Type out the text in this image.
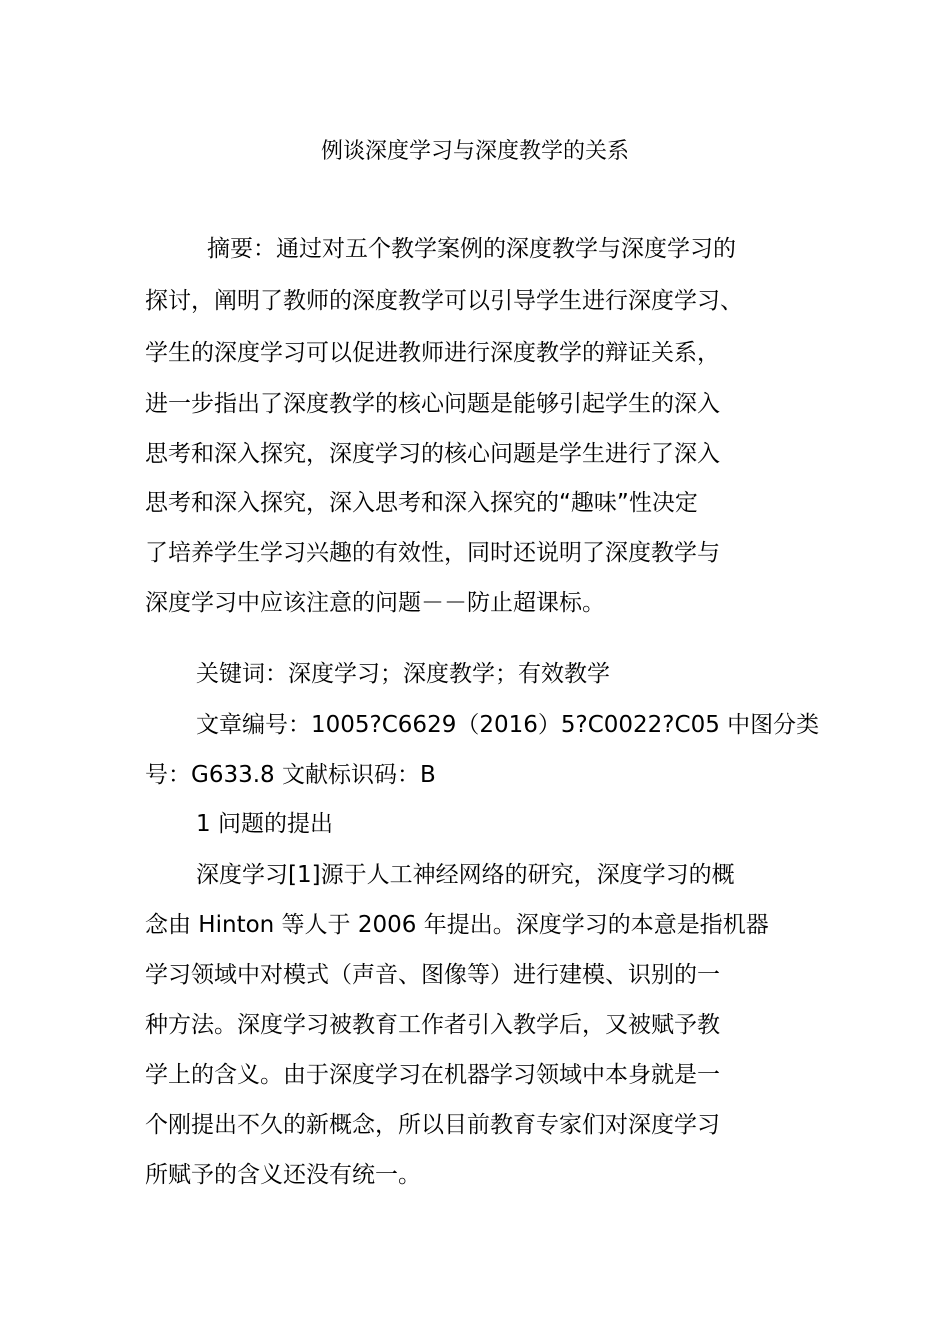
例谈深度学习与深度教学的关系
摘要：通过对五个教学案例的深度教学与深度学习的
探讨，阐明了教师的深度教学可以引导学生进行深度学习、
学生的深度学习可以促进教师进行深度教学的辩证关系，
进一步指出了深度教学的核心问题是能够引起学生的深入
思考和深入探究，深度学习的核心问题是学生进行了深入
思考和深入探究，深入思考和深入探究的“趣味”性决定
了培养学生学习兴趣的有效性，同时还说明了深度教学与
深度学习中应该注意的问题－－防止超课标。
关键词：深度学习；深度教学；有效教学
文章编号：1005?C6629（2016）5?C0022?C05 中图分类
号：G633.8 文献标识码：B
1 问题的提出
深度学习[1]源于人工神经网络的研究，深度学习的概
念由 Hinton 等人于 2006 年提出。深度学习的本意是指机器
学习领域中对模式（声音、图像等）进行建模、识别的一
种方法。深度学习被教育工作者引入教学后，又被赋予教
学上的含义。由于深度学习在机器学习领域中本身就是一
个刚提出不久的新概念，所以目前教育专家们对深度学习
所赋予的含义还没有统一。
